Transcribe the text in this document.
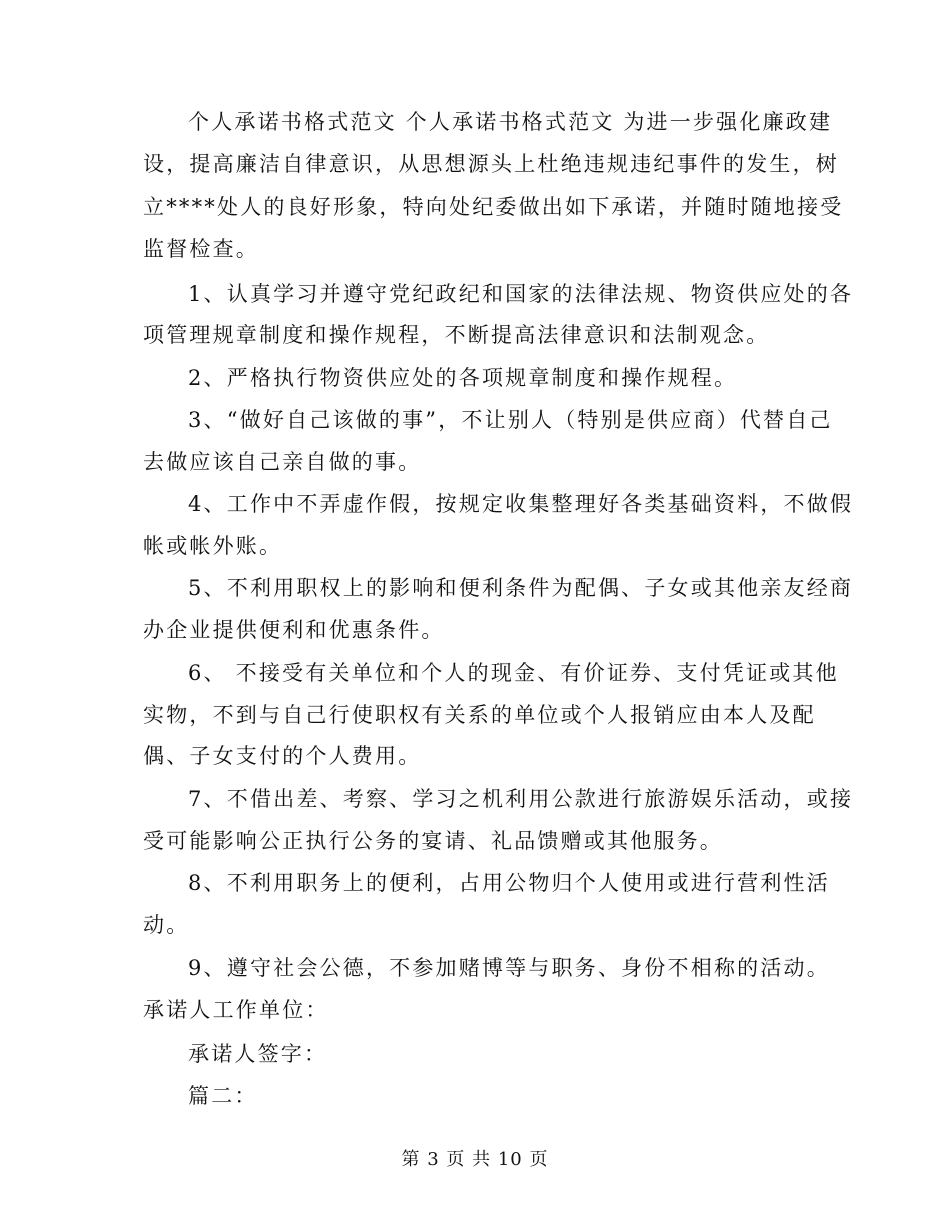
个人承诺书格式范文 个人承诺书格式范文 为进一步强化廉政建
设，提高廉洁自律意识，从思想源头上杜绝违规违纪事件的发生，树
立****处人的良好形象，特向处纪委做出如下承诺，并随时随地接受
监督检查。
1、认真学习并遵守党纪政纪和国家的法律法规、物资供应处的各
项管理规章制度和操作规程，不断提高法律意识和法制观念。
2、严格执行物资供应处的各项规章制度和操作规程。
3、“做好自己该做的事”，不让别人（特别是供应商）代替自己
去做应该自己亲自做的事。
4、工作中不弄虚作假，按规定收集整理好各类基础资料，不做假
帐或帐外账。
5、不利用职权上的影响和便利条件为配偶、子女或其他亲友经商
办企业提供便利和优惠条件。
6、 不接受有关单位和个人的现金、有价证券、支付凭证或其他
实物，不到与自己行使职权有关系的单位或个人报销应由本人及配
偶、子女支付的个人费用。
7、不借出差、考察、学习之机利用公款进行旅游娱乐活动，或接
受可能影响公正执行公务的宴请、礼品馈赠或其他服务。
8、不利用职务上的便利，占用公物归个人使用或进行营利性活
动。
9、遵守社会公德，不参加赌博等与职务、身份不相称的活动。
承诺人工作单位：
承诺人签字：
篇二：
第 3 页 共 10 页
